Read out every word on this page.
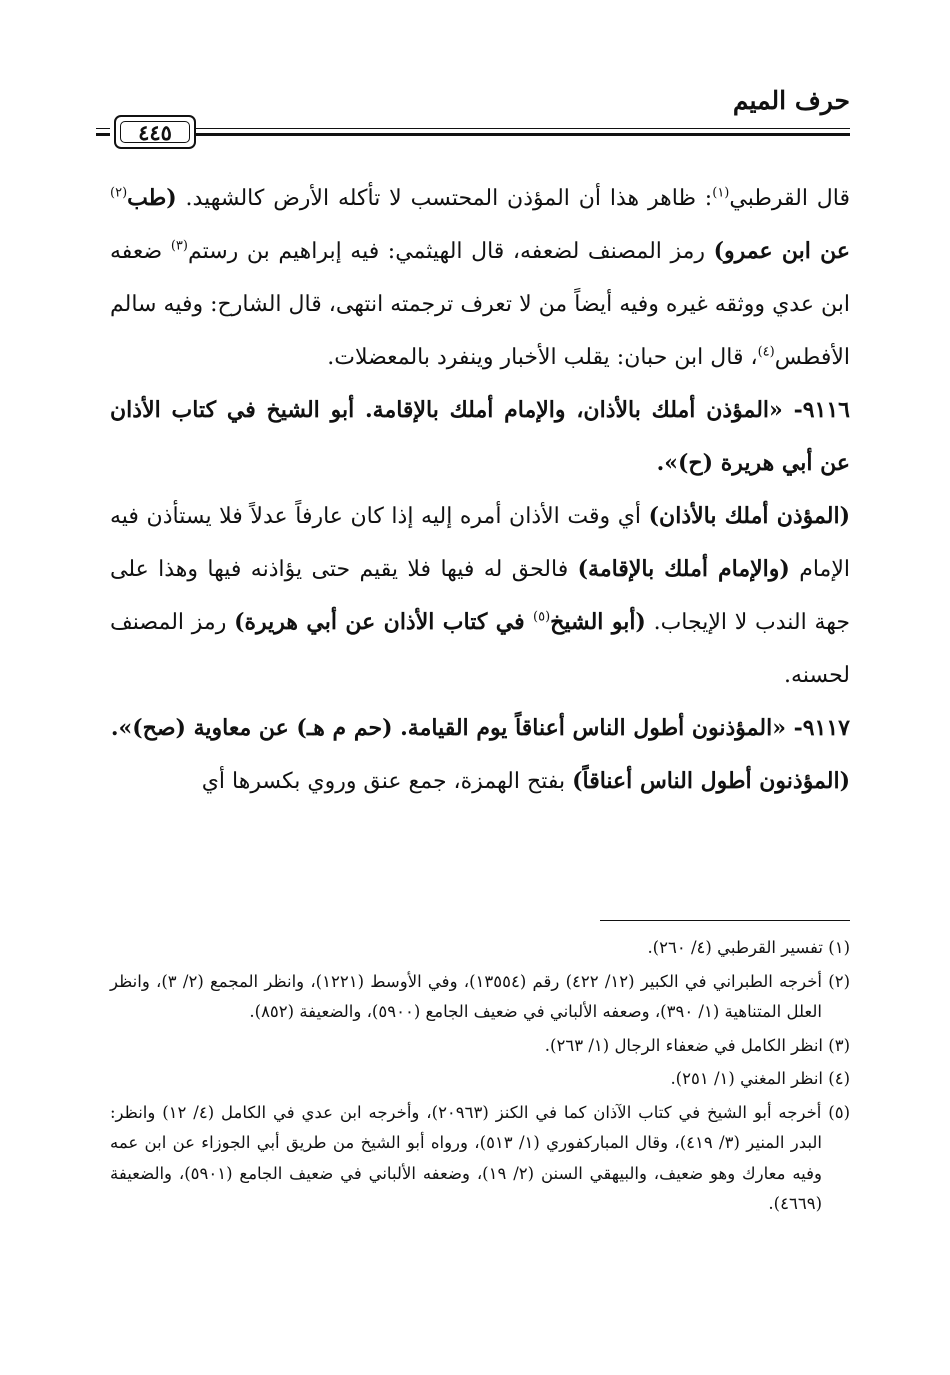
حرف الميم
٤٤٥

قال القرطبي$^{(١)}$: ظاهر هذا أن المؤذن المحتسب لا تأكله الأرض كالشهيد. (طب$^{(٢)}$ عن ابن عمرو) رمز المصنف لضعفه، قال الهيثمي: فيه إبراهيم بن رستم$^{(٣)}$ ضعفه ابن عدي ووثقه غيره وفيه أيضاً من لا تعرف ترجمته انتهى، قال الشارح: وفيه سالم الأفطس$^{(٤)}$، قال ابن حبان: يقلب الأخبار وينفرد بالمعضلات.

٩١١٦- «المؤذن أملك بالأذان، والإمام أملك بالإقامة. أبو الشيخ في كتاب الأذان عن أبي هريرة (ح)».

(المؤذن أملك بالأذان) أي وقت الأذان أمره إليه إذا كان عارفاً عدلاً فلا يستأذن فيه الإمام (والإمام أملك بالإقامة) فالحق له فيها فلا يقيم حتى يؤاذنه فيها وهذا على جهة الندب لا الإيجاب. (أبو الشيخ$^{(٥)}$ في كتاب الأذان عن أبي هريرة) رمز المصنف لحسنه.

٩١١٧- «المؤذنون أطول الناس أعناقاً يوم القيامة. (حم م هـ) عن معاوية (صح)».

(المؤذنون أطول الناس أعناقاً) بفتح الهمزة، جمع عنق وروي بكسرها أي

(١) تفسير القرطبي (٤/ ٢٦٠).

(٢) أخرجه الطبراني في الكبير (١٢/ ٤٢٢) رقم (١٣٥٥٤)، وفي الأوسط (١٢٢١)، وانظر المجمع (٢/ ٣)، وانظر العلل المتناهية (١/ ٣٩٠)، وصعفه الألباني في ضعيف الجامع (٥٩٠٠)، والضعيفة (٨٥٢).

(٣) انظر الكامل في ضعفاء الرجال (١/ ٢٦٣).

(٤) انظر المغني (١/ ٢٥١).

(٥) أخرجه أبو الشيخ في كتاب الآذان كما في الكنز (٢٠٩٦٣)، وأخرجه ابن عدي في الكامل (٤/ ١٢) وانظر: البدر المنير (٣/ ٤١٩)، وقال المباركفوري (١/ ٥١٣)، ورواه أبو الشيخ من طريق أبي الجوزاء عن ابن عمه وفيه معارك وهو ضعيف، والبيهقي السنن (٢/ ١٩)، وضعفه الألباني في ضعيف الجامع (٥٩٠١)، والضعيفة (٤٦٦٩).
